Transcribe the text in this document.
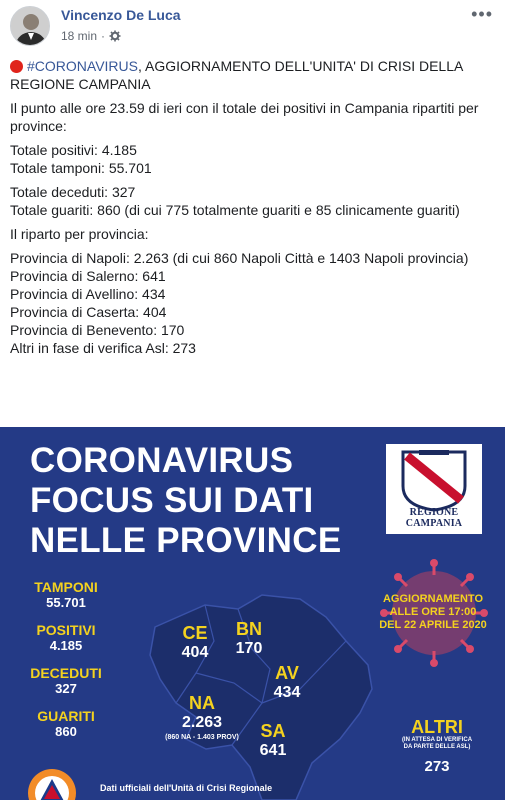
Vincenzo De Luca
18 min ·
•••

#CORONAVIRUS, AGGIORNAMENTO DELL'UNITA' DI CRISI DELLA REGIONE CAMPANIA

Il punto alle ore 23.59 di ieri con il totale dei positivi in Campania ripartiti per province:

Totale positivi: 4.185
Totale tamponi: 55.701

Totale deceduti: 327
Totale guariti: 860 (di cui 775 totalmente guariti e 85 clinicamente guariti)

Il riparto per provincia:

Provincia di Napoli: 2.263 (di cui 860 Napoli Città e 1403 Napoli provincia)
Provincia di Salerno: 641
Provincia di Avellino: 434
Provincia di Caserta: 404
Provincia di Benevento: 170
Altri in fase di verifica Asl: 273

CORONAVIRUS
FOCUS SUI DATI
NELLE PROVINCE
REGIONE CAMPANIA
TAMPONI
55.701
POSITIVI
4.185
DECEDUTI
327
GUARITI
860
CE
404
BN
170
AV
434
NA
2.263
(860 NA - 1.403 PROV)	SA
641
AGGIORNAMENTO
ALLE ORE 17:00
DEL 22 APRILE 2020
ALTRI
(IN ATTESA DI VERIFICA
DA PARTE DELLE ASL)
273
Dati ufficiali dell'Unità di Crisi Regionale
